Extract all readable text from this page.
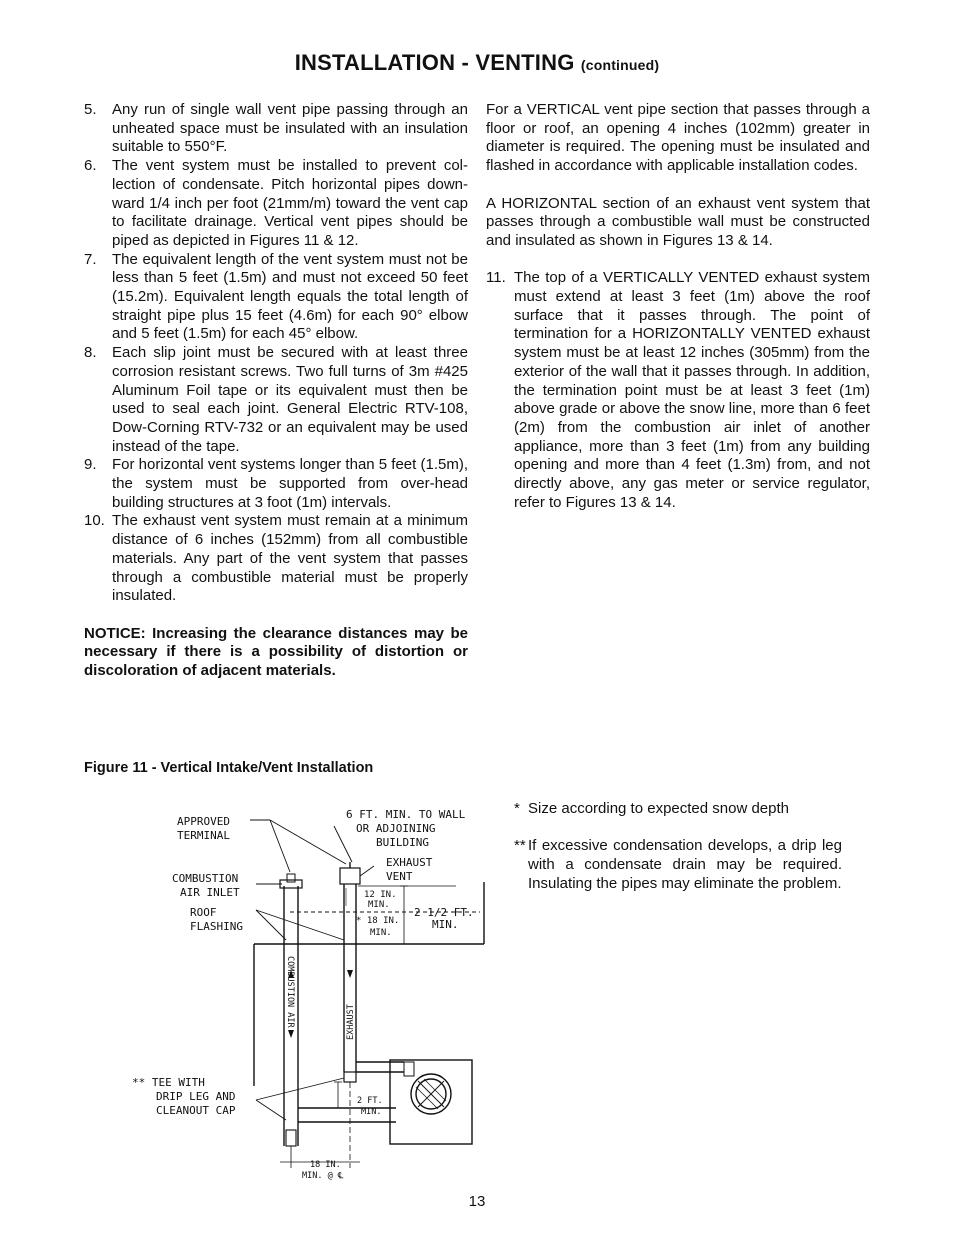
INSTALLATION - VENTING (continued)
5.	Any run of single wall vent pipe passing through an unheated space must be insulated with an insulation suitable to 550°F.
6.	The vent system must be installed to prevent col-lection of condensate. Pitch horizontal pipes down-ward 1/4 inch per foot (21mm/m) toward the vent cap to facilitate drainage. Vertical vent pipes should be piped as depicted in Figures 11 & 12.
7.	The equivalent length of the vent system must not be less than 5 feet (1.5m) and must not exceed 50 feet (15.2m). Equivalent length equals the total length of straight pipe plus 15 feet (4.6m) for each 90° elbow and 5 feet (1.5m) for each 45° elbow.
8.	Each slip joint must be secured with at least three corrosion resistant screws. Two full turns of 3m #425 Aluminum Foil tape or its equivalent must then be used to seal each joint. General Electric RTV-108, Dow-Corning RTV-732 or an equivalent may be used instead of the tape.
9.	For horizontal vent systems longer than 5 feet (1.5m), the system must be supported from over-head building structures at 3 foot (1m) intervals.
10. The exhaust vent system must remain at a minimum distance of 6 inches (152mm) from all combustible materials. Any part of the vent system that passes through a combustible material must be properly insulated.
NOTICE: Increasing the clearance distances may be necessary if there is a possibility of distortion or discoloration of adjacent materials.

For a VERTICAL vent pipe section that passes through a floor or roof, an opening 4 inches (102mm) greater in diameter is required. The opening must be insulated and flashed in accordance with applicable installation codes.

A HORIZONTAL section of an exhaust vent system that passes through a combustible wall must be constructed and insulated as shown in Figures 13 & 14.

11. The top of a VERTICALLY VENTED exhaust system must extend at least 3 feet (1m) above the roof surface that it passes through. The point of termination for a HORIZONTALLY VENTED exhaust system must be at least 12 inches (305mm) from the exterior of the wall that it passes through. In addition, the termination point must be at least 3 feet (1m) above grade or above the snow line, more than 6 feet (2m) from the combustion air inlet of another appliance, more than 3 feet (1m) from any building opening and more than 4 feet (1.3m) from, and not directly above, any gas meter or service regulator, refer to Figures 13 & 14.
Figure 11 - Vertical Intake/Vent Installation
APPROVED
TERMINAL
6 FT. MIN. TO WALL
OR ADJOINING
BUILDING
EXHAUST
VENT
COMBUSTION
AIR INLET	12 IN.
MIN.
2 1/2 FT.
MIN.
ROOF
FLASHING	* 18 IN.
MIN.
COMBUSTION AIR	EXHAUST
** TEE WITH
DRIP LEG AND
CLEANOUT CAP
2 FT.
MIN.
18 IN.
MIN. @ ℄
* Size according to expected snow depth
** If excessive condensation develops, a drip leg with a condensate drain may be required. Insulating the pipes may eliminate the problem.
13
